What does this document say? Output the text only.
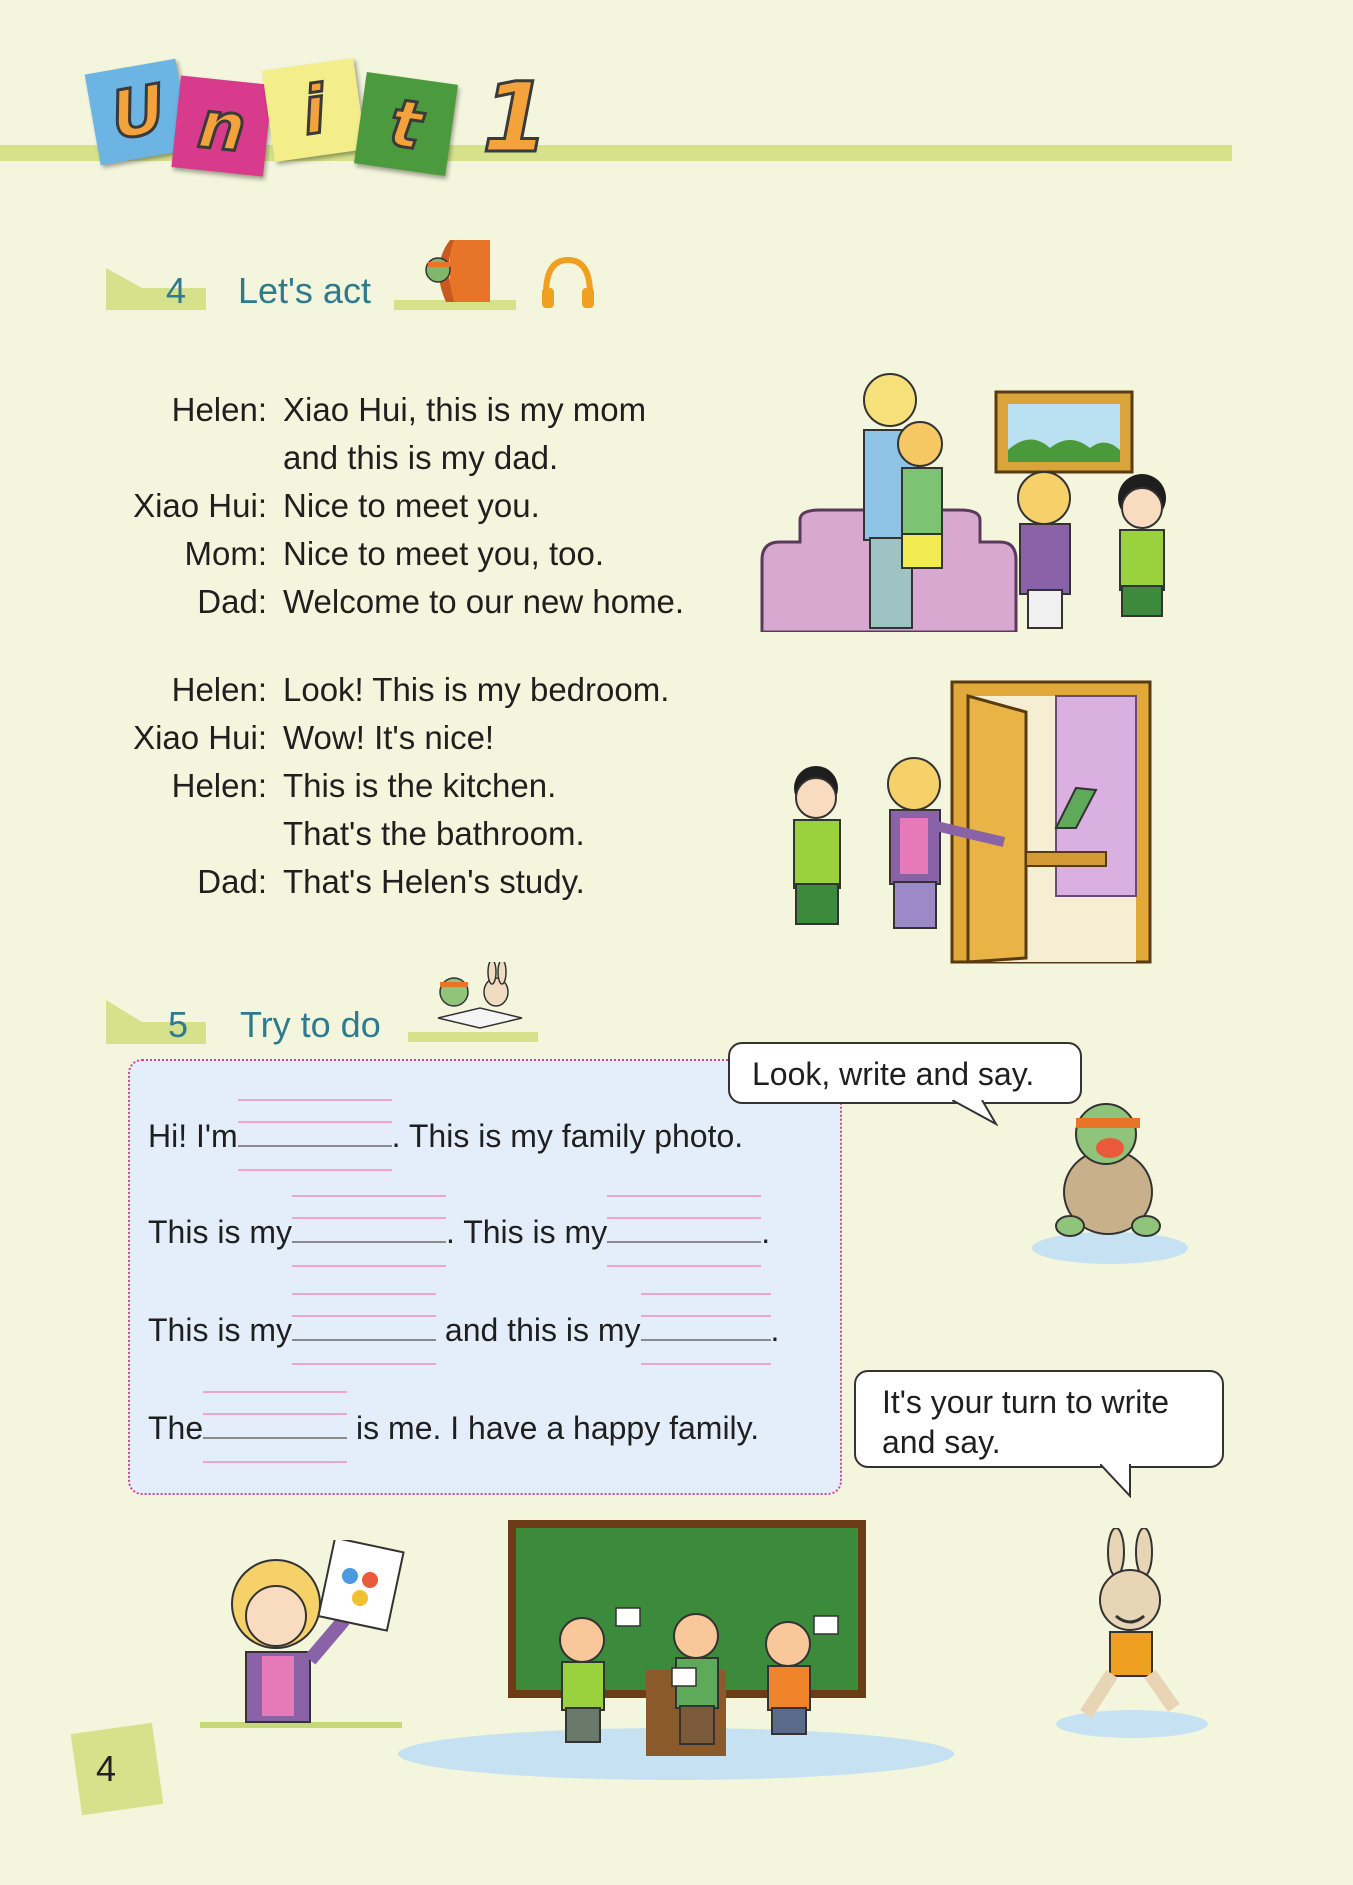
U n i t 1
4 Let's act
Helen: Xiao Hui, this is my mom
and this is my dad.
Xiao Hui: Nice to meet you.
Mom: Nice to meet you, too.
Dad: Welcome to our new home.
Helen: Look! This is my bedroom.
Xiao Hui: Wow! It's nice!
Helen: This is the kitchen.
That's the bathroom.
Dad: That's Helen's study.
5 Try to do
Hi! I'm	. This is my family photo.
This is my	. This is my	.
This is my	and this is my	.
The	is me. I have a happy family.
Look, write and say.
It's your turn to write and say.
4
